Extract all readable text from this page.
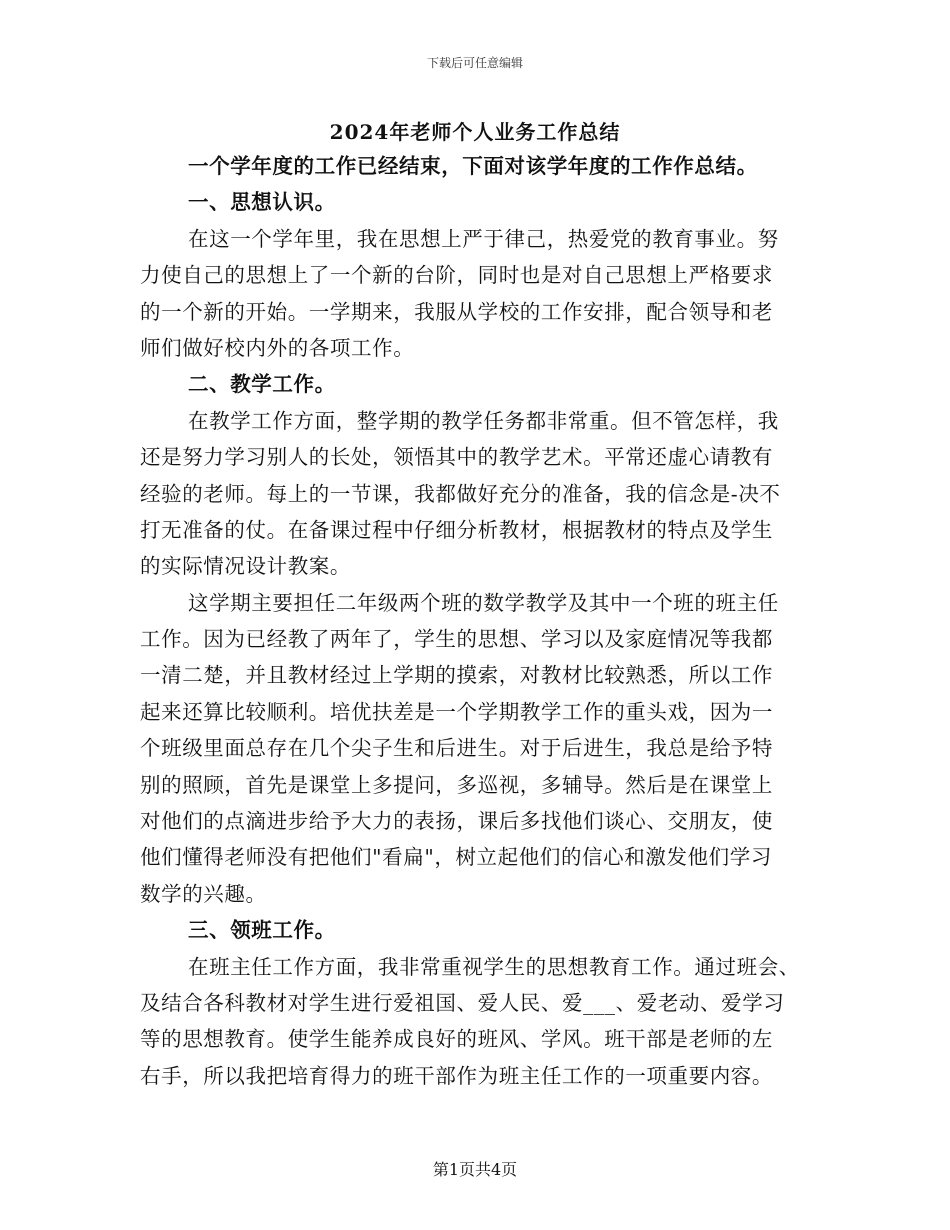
下载后可任意编辑
2024年老师个人业务工作总结
一个学年度的工作已经结束，下面对该学年度的工作作总结。
一、思想认识。
在这一个学年里，我在思想上严于律己，热爱党的教育事业。努
力使自己的思想上了一个新的台阶，同时也是对自己思想上严格要求
的一个新的开始。一学期来，我服从学校的工作安排，配合领导和老
师们做好校内外的各项工作。
二、教学工作。
在教学工作方面，整学期的教学任务都非常重。但不管怎样，我
还是努力学习别人的长处，领悟其中的教学艺术。平常还虚心请教有
经验的老师。每上的一节课，我都做好充分的准备，我的信念是-决不
打无准备的仗。在备课过程中仔细分析教材，根据教材的特点及学生
的实际情况设计教案。
这学期主要担任二年级两个班的数学教学及其中一个班的班主任
工作。因为已经教了两年了，学生的思想、学习以及家庭情况等我都
一清二楚，并且教材经过上学期的摸索，对教材比较熟悉，所以工作
起来还算比较顺利。培优扶差是一个学期教学工作的重头戏，因为一
个班级里面总存在几个尖子生和后进生。对于后进生，我总是给予特
别的照顾，首先是课堂上多提问，多巡视，多辅导。然后是在课堂上
对他们的点滴进步给予大力的表扬，课后多找他们谈心、交朋友，使
他们懂得老师没有把他们"看扁"，树立起他们的信心和激发他们学习
数学的兴趣。
三、领班工作。
在班主任工作方面，我非常重视学生的思想教育工作。通过班会、
及结合各科教材对学生进行爱祖国、爱人民、爱___、爱老动、爱学习
等的思想教育。使学生能养成良好的班风、学风。班干部是老师的左
右手，所以我把培育得力的班干部作为班主任工作的一项重要内容。
第1页共4页
